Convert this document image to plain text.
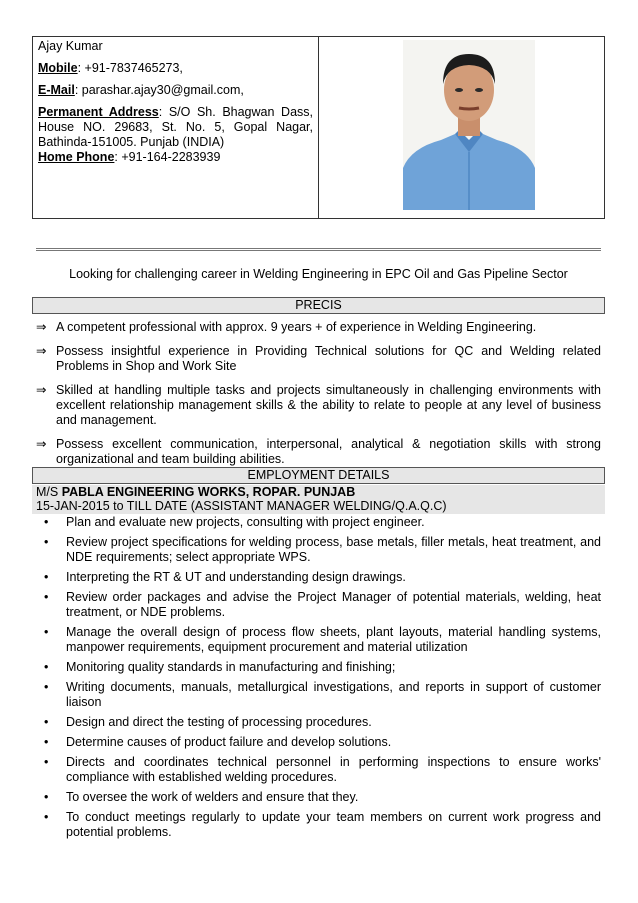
Ajay Kumar

Mobile: +91-7837465273,

E-Mail: parashar.ajay30@gmail.com,

Permanent Address: S/O Sh. Bhagwan Dass, House NO. 29683, St. No. 5, Gopal Nagar, Bathinda-151005. Punjab (INDIA)

Home Phone: +91-164-2283939

Looking for challenging career in Welding Engineering in EPC Oil and Gas Pipeline Sector
PRECIS
⇒ A competent professional with approx. 9 years + of experience in Welding Engineering.
⇒ Possess insightful experience in Providing Technical solutions for QC and Welding related Problems in Shop and Work Site
⇒ Skilled at handling multiple tasks and projects simultaneously in challenging environments with excellent relationship management skills & the ability to relate to people at any level of business and management.
⇒ Possess excellent communication, interpersonal, analytical & negotiation skills with strong organizational and team building abilities.
EMPLOYMENT DETAILS
M/S PABLA ENGINEERING WORKS, ROPAR. PUNJAB
15-JAN-2015 to TILL DATE (ASSISTANT MANAGER WELDING/Q.A.Q.C)
• Plan and evaluate new projects, consulting with project engineer.
• Review project specifications for welding process, base metals, filler metals, heat treatment, and NDE requirements; select appropriate WPS.
• Interpreting the RT & UT and understanding design drawings.
• Review order packages and advise the Project Manager of potential materials, welding, heat treatment, or NDE problems.
• Manage the overall design of process flow sheets, plant layouts, material handling systems, manpower requirements, equipment procurement and material utilization
• Monitoring quality standards in manufacturing and finishing;
• Writing documents, manuals, metallurgical investigations, and reports in support of customer liaison
• Design and direct the testing of processing procedures.
• Determine causes of product failure and develop solutions.
• Directs and coordinates technical personnel in performing inspections to ensure works' compliance with established welding procedures.
• To oversee the work of welders and ensure that they.
• To conduct meetings regularly to update your team members on current work progress and potential problems.
